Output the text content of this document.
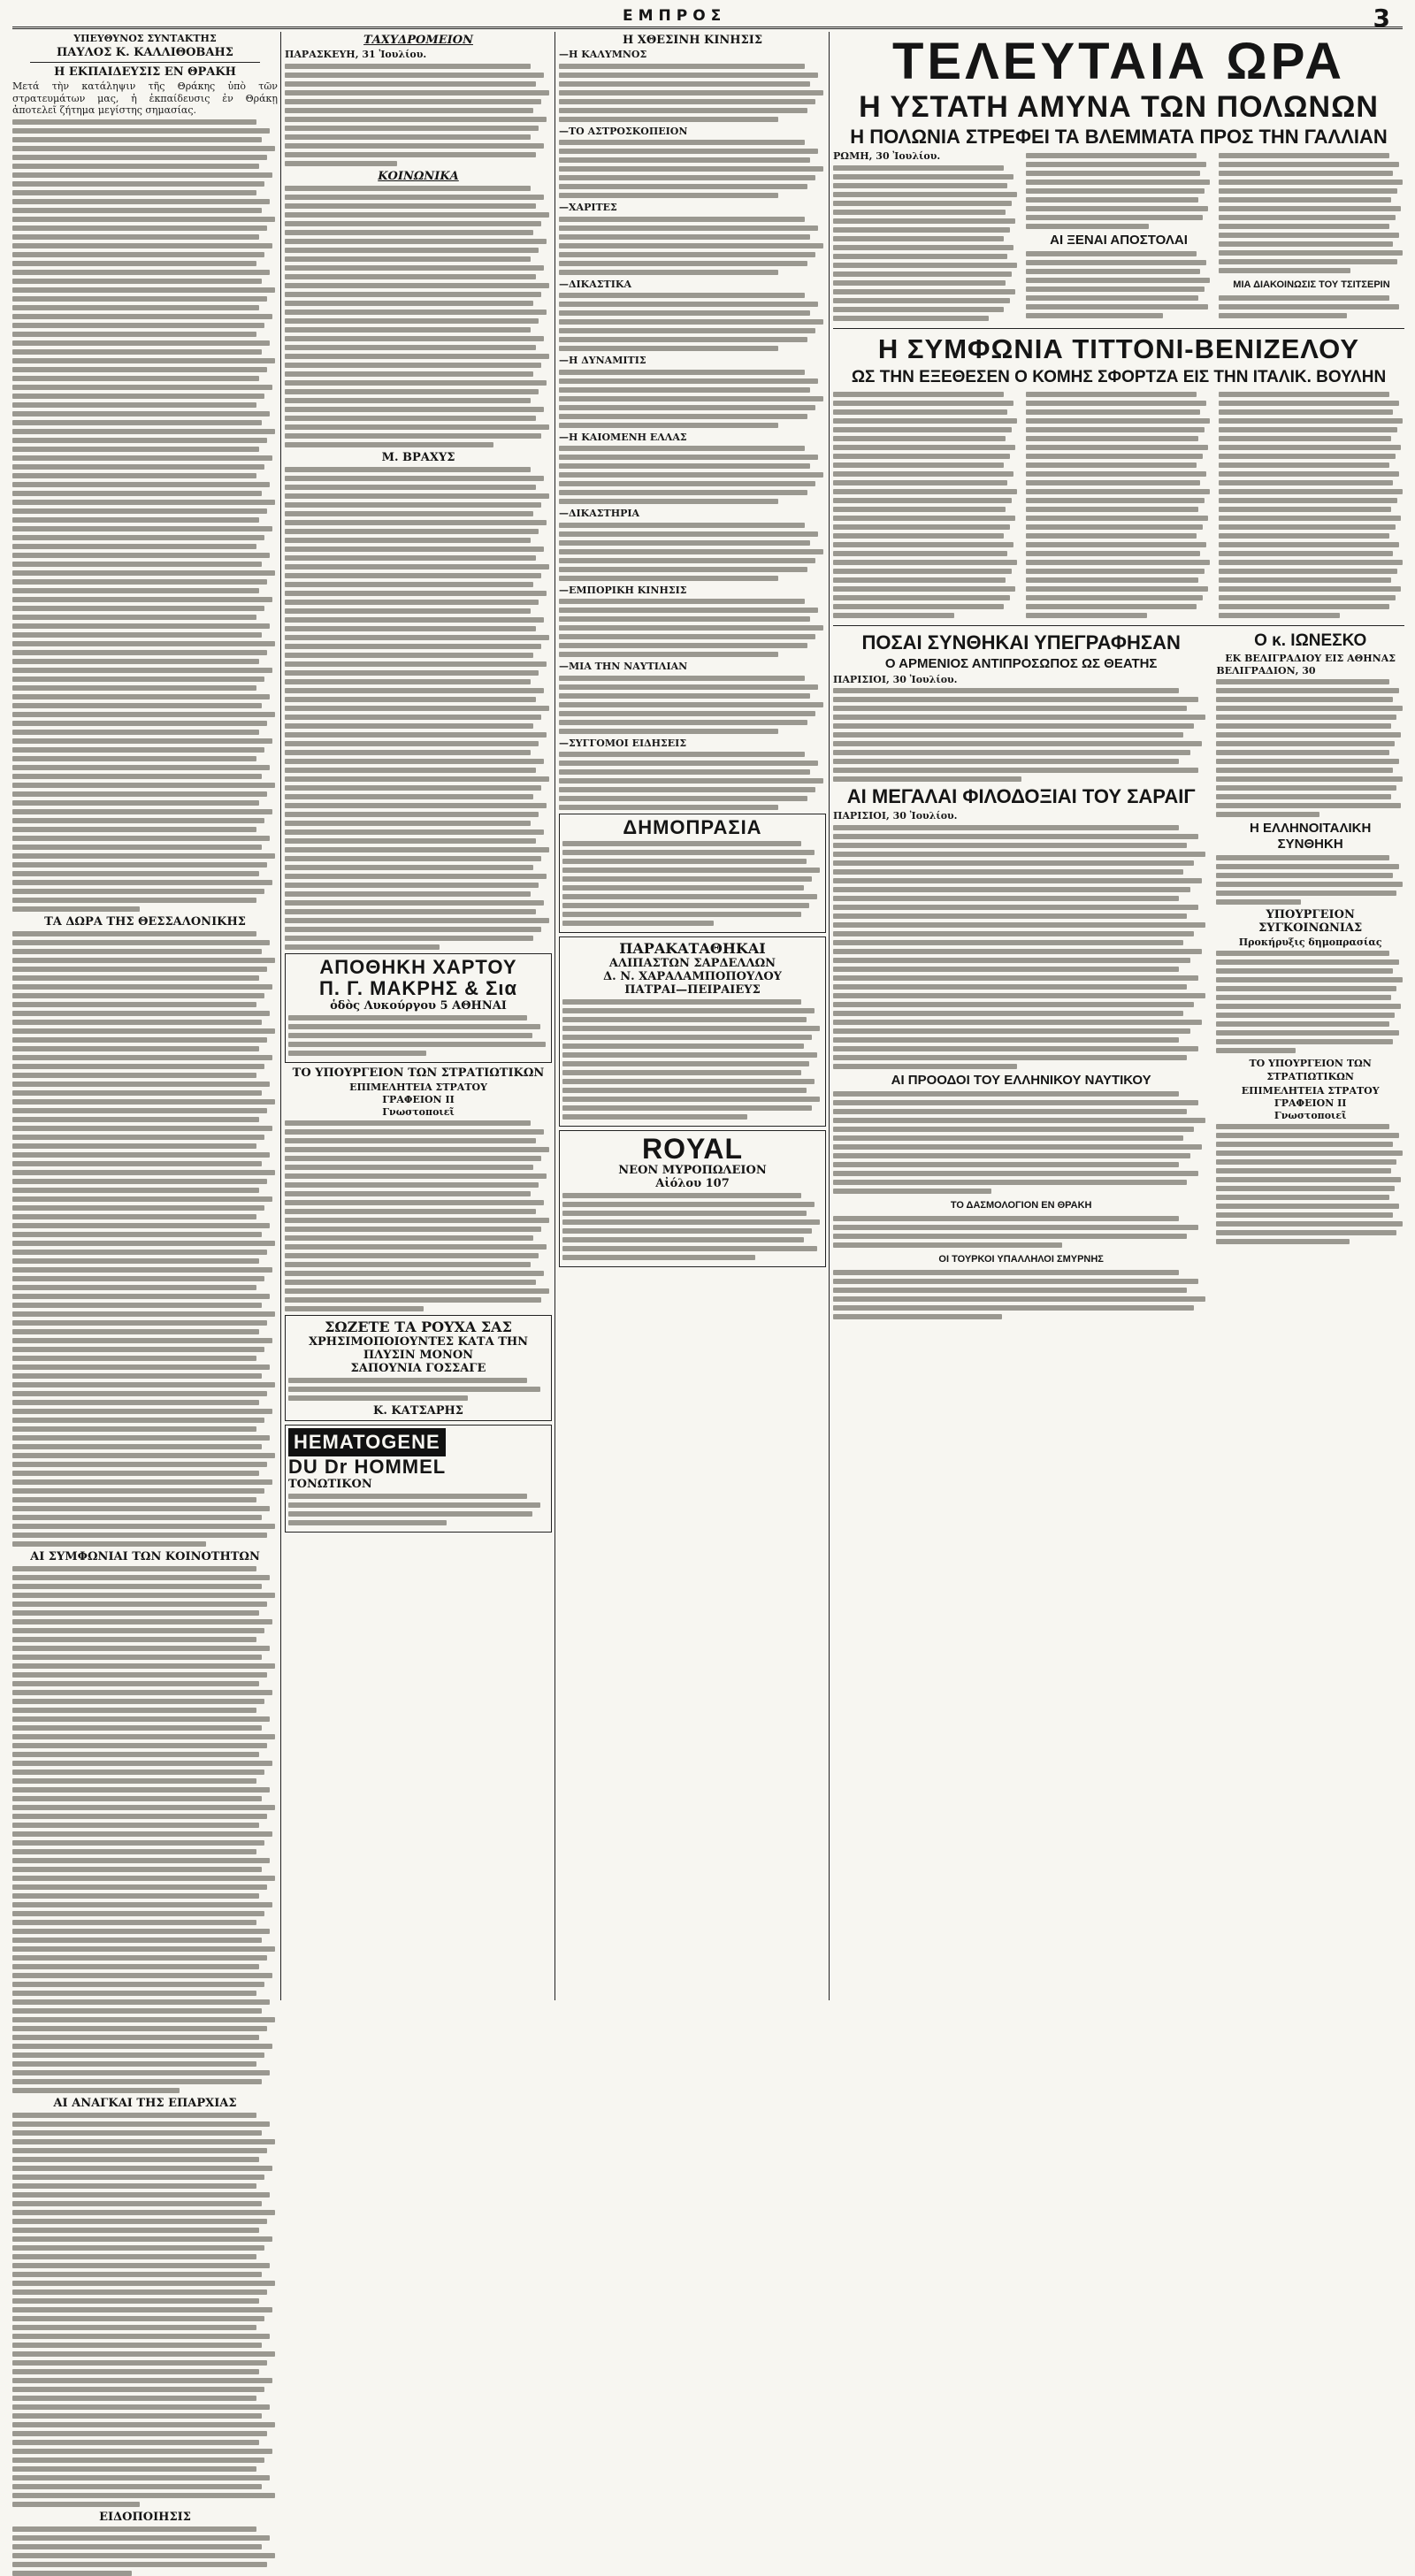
ΕΜΠΡΟΣ	3
ΥΠΕΥΘΥΝΟΣ ΣΥΝΤΑΚΤΗΣ
ΠΑΥΛΟΣ Κ. ΚΑΛΛΙΘΟΒΑΗΣ
Η ΕΚΠΑΙΔΕΥΣΙΣ ΕΝ ΘΡΑΚΗ

Μετά τὴν κατάληψιν τῆς Θράκης ὑπὸ τῶν στρατευμάτων μας, ἡ ἐκπαίδευσις ἐν Θράκῃ ἀποτελεῖ ζήτημα μεγίστης σημασίας.

ΤΑ ΔΩΡΑ ΤΗΣ ΘΕΣΣΑΛΟΝΙΚΗΣ
ΑΙ ΣΥΜΦΩΝΙΑΙ ΤΩΝ ΚΟΙΝΟΤΗΤΩΝ
ΑΙ ΑΝΑΓΚΑΙ ΤΗΣ ΕΠΑΡΧΙΑΣ
ΕΙΔΟΠΟΙΗΣΙΣ
ΤΑΧΥΔΡΟΜΕΙΟΝ
ΠΑΡΑΣΚΕΥΗ, 31 Ἰουλίου.
ΚΟΙΝΩΝΙΚΑ
Μ. ΒΡΑΧΥΣ
ΑΠΟΘΗΚΗ ΧΑΡΤΟΥ
Π. Γ. ΜΑΚΡΗΣ & Σια
ὁδὸς Λυκούργου 5 ΑΘΗΝΑΙ
ΤΟ ΥΠΟΥΡΓΕΙΟΝ ΤΩΝ ΣΤΡΑΤΙΩΤΙΚΩΝ
ΕΠΙΜΕΛΗΤΕΙΑ ΣΤΡΑΤΟΥ
ΓΡΑΦΕΙΟΝ ΙΙ
Γνωστοποιεῖ
ΣΩΖΕΤΕ ΤΑ ΡΟΥΧΑ ΣΑΣ
ΧΡΗΣΙΜΟΠΟΙΟΥΝΤΕΣ ΚΑΤΑ ΤΗΝ ΠΛΥΣΙΝ ΜΟΝΟΝ
ΣΑΠΟΥΝΙΑ ΓΟΣΣΑΓΕ
Κ. ΚΑΤΣΑΡΗΣ
HEMATOGENE
DU Dr HOMMEL
ΤΟΝΩΤΙΚΟΝ
Η ΧΘΕΣΙΝΗ ΚΙΝΗΣΙΣ
—Η ΚΑΛΥΜΝΟΣ
—ΤΟ ΑΣΤΡΟΣΚΟΠΕΙΟΝ
—ΧΑΡΙΤΕΣ
—ΔΙΚΑΣΤΙΚΑ
—Η ΔΥΝΑΜΙΤΙΣ
—Η ΚΑΙΟΜΕΝΗ ΕΛΛΑΣ
—ΔΙΚΑΣΤΗΡΙΑ
—ΕΜΠΟΡΙΚΗ ΚΙΝΗΣΙΣ
—ΜΙΑ ΤΗΝ ΝΑΥΤΙΛΙΑΝ
—ΣΥΓΓΟΜΟΙ ΕΙΔΗΣΕΙΣ
ΔΗΜΟΠΡΑΣΙΑ
ΠΑΡΑΚΑΤΑΘΗΚΑΙ
ΑΛΙΠΑΣΤΩΝ ΣΑΡΔΕΛΛΩΝ
Δ. Ν. ΧΑΡΑΛΑΜΠΟΠΟΥΛΟΥ
ΠΑΤΡΑΙ—ΠΕΙΡΑΙΕΥΣ
ROYAL
ΝΕΟΝ ΜΥΡΟΠΩΛΕΙΟΝ
Αἰόλου 107
ΤΕΛΕΥΤΑΙΑ ΩΡΑ
Η ΥΣΤΑΤΗ ΑΜΥΝΑ ΤΩΝ ΠΟΛΩΝΩΝ
Η ΠΟΛΩΝΙΑ ΣΤΡΕΦΕΙ ΤΑ ΒΛΕΜΜΑΤΑ ΠΡΟΣ ΤΗΝ ΓΑΛΛΙΑΝ
ΡΩΜΗ, 30 Ἰουλίου.
ΑΙ ΞΕΝΑΙ ΑΠΟΣΤΟΛΑΙ
ΜΙΑ ΔΙΑΚΟΙΝΩΣΙΣ ΤΟΥ ΤΣΙΤΣΕΡΙΝ
Η ΣΥΜΦΩΝΙΑ ΤΙΤΤΟΝΙ-ΒΕΝΙΖΕΛΟΥ
ΩΣ ΤΗΝ ΕΞΕΘΕΣΕΝ Ο ΚΟΜΗΣ ΣΦΟΡΤΖΑ ΕΙΣ ΤΗΝ ΙΤΑΛΙΚ. ΒΟΥΛΗΝ
ΠΟΣΑΙ ΣΥΝΘΗΚΑΙ ΥΠΕΓΡΑΦΗΣΑΝ
Ο ΑΡΜΕΝΙΟΣ ΑΝΤΙΠΡΟΣΩΠΟΣ ΩΣ ΘΕΑΤΗΣ
ΠΑΡΙΣΙΟΙ, 30 Ἰουλίου.
ΑΙ ΜΕΓΑΛΑΙ ΦΙΛΟΔΟΞΙΑΙ ΤΟΥ ΣΑΡΑΙΓ
ΠΑΡΙΣΙΟΙ, 30 Ἰουλίου.
ΑΙ ΠΡΟΟΔΟΙ ΤΟΥ ΕΛΛΗΝΙΚΟΥ ΝΑΥΤΙΚΟΥ
ΤΟ ΔΑΣΜΟΛΟΓΙΟΝ ΕΝ ΘΡΑΚΗ
ΟΙ ΤΟΥΡΚΟΙ ΥΠΑΛΛΗΛΟΙ ΣΜΥΡΝΗΣ
Ο κ. ΙΩΝΕΣΚΟ
ΕΚ ΒΕΛΙΓΡΑΔΙΟΥ ΕΙΣ ΑΘΗΝΑΣ
ΒΕΛΙΓΡΑΔΙΟΝ, 30
Η ΕΛΛΗΝΟΙΤΑΛΙΚΗ ΣΥΝΘΗΚΗ
ΥΠΟΥΡΓΕΙΟΝ ΣΥΓΚΟΙΝΩΝΙΑΣ
Προκήρυξις δημοπρασίας
ΤΟ ΥΠΟΥΡΓΕΙΟΝ ΤΩΝ ΣΤΡΑΤΙΩΤΙΚΩΝ
ΕΠΙΜΕΛΗΤΕΙΑ ΣΤΡΑΤΟΥ
ΓΡΑΦΕΙΟΝ ΙΙ
Γνωστοποιεῖ
